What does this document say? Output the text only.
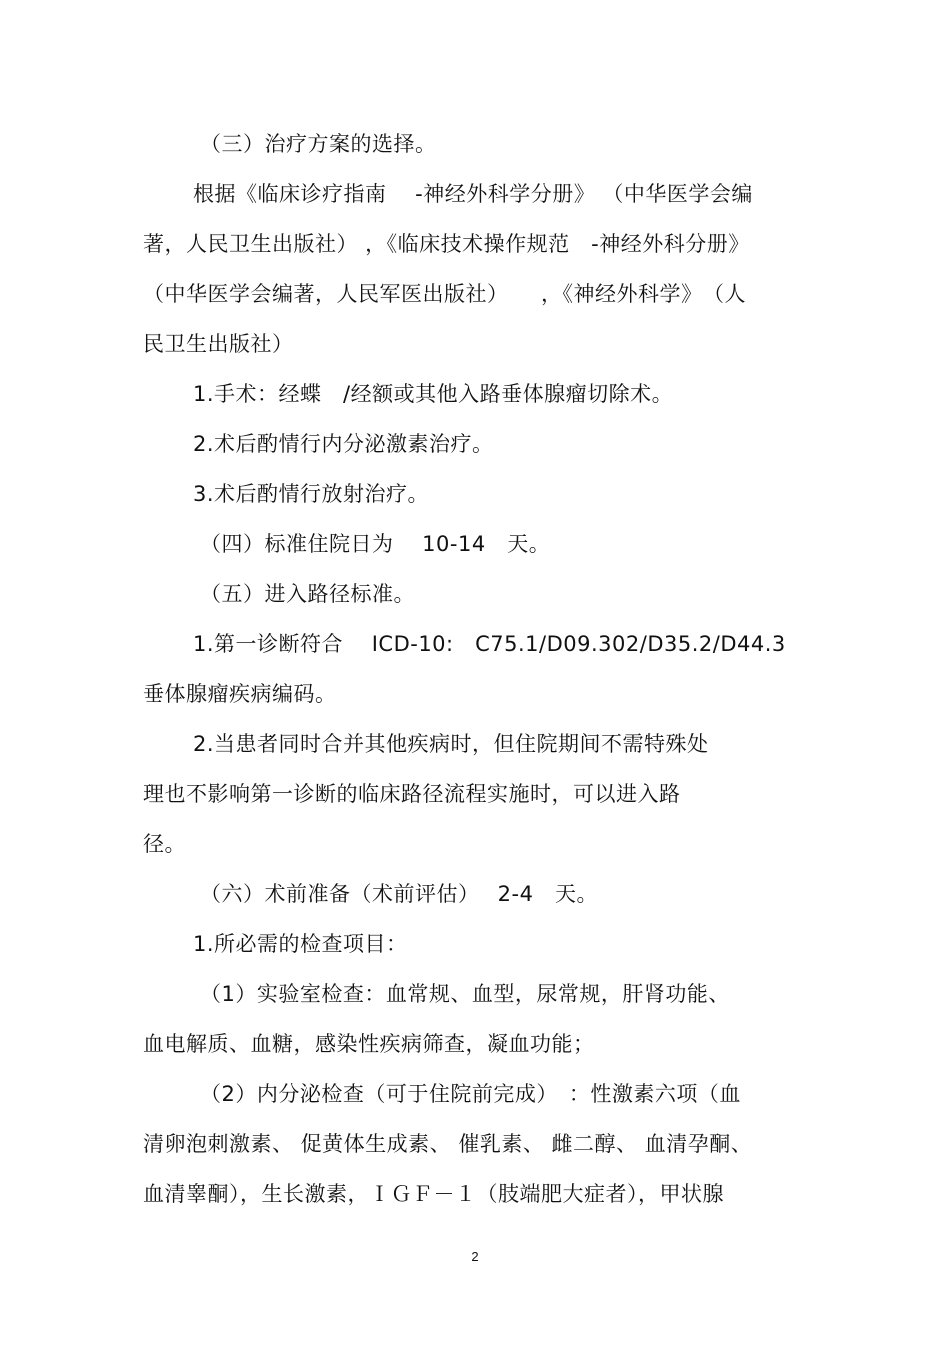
（三）治疗方案的选择。
根据《临床诊疗指南　 -神经外科学分册》 （中华医学会编
著，人民卫生出版社） ，《临床技术操作规范　-神经外科分册》
（中华医学会编著，人民军医出版社）　　，《神经外科学》　（人
民卫生出版社）
1.手术：经蝶　/经额或其他入路垂体腺瘤切除术。
2.术后酌情行内分泌激素治疗。
3.术后酌情行放射治疗。
（四）标准住院日为　 10-14　天。
（五）进入路径标准。
1.第一诊断符合　 ICD-10:　C75.1/D09.302/D35.2/D44.3
垂体腺瘤疾病编码。
2.当患者同时合并其他疾病时，但住院期间不需特殊处
理也不影响第一诊断的临床路径流程实施时，可以进入路
径。
（六）术前准备（术前评估）　 2-4　天。
1.所必需的检查项目：
（1）实验室检查：血常规、血型，尿常规，肝肾功能、
血电解质、血糖，感染性疾病筛查，凝血功能；
（2）内分泌检查（可于住院前完成）　：性激素六项（血
清卵泡刺激素、 促黄体生成素、 催乳素、 雌二醇、 血清孕酮、
血清睾酮），生长激素，ＩＧＦ－１（肢端肥大症者），甲状腺
2
